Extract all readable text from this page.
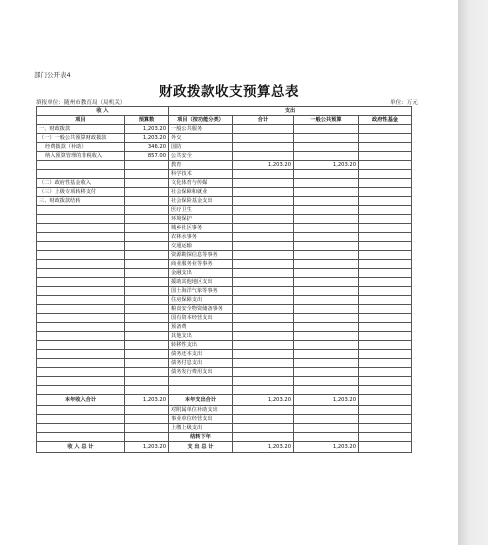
部门公开表4
财政拨款收支预算总表
填报单位：随州市教育局（局机关）	单位：万元
收 入		支出			
项目	预算数	项目（按功能分类）	合计	一般公共预算	政府性基金
一、财政拨款	1,203.20	一般公共服务			
（一）一般公共预算财政拨款	1,203.20	外交			
经费拨款（补助）	346.20	国防			
纳入预算管理的非税收入	857.00	公共安全			
		教育	1,203.20	1,203.20	
		科学技术			
（二）政府性基金收入		文化体育与传媒			
（三）上级专项转移支付		社会保障和就业			
三、财政拨款结转		社会保险基金支出			
		医疗卫生			
		环境保护			
		城乡社区事务			
		农林水事务			
		交通运输			
		资源勘探信息等事务			
		商业服务业等事务			
		金融支出			
		援助其他地区支出			
		国土海洋气象等事务			
		住房保障支出			
		粮食安全物资储备事务			
		国有资本经营支出			
		预备费			
		其他支出			
		转移性支出			
		债务还本支出			
		债务付息支出			
		债务发行费用支出			

本年收入合计	1,203.20	本年支出合计	1,203.20	1,203.20	
		对附属单位补助支出			
		事业单位经营支出			
		上缴上级支出			
		结转下年			
收 入 总 计	1,203.20	支 出 总 计	1,203.20	1,203.20	
